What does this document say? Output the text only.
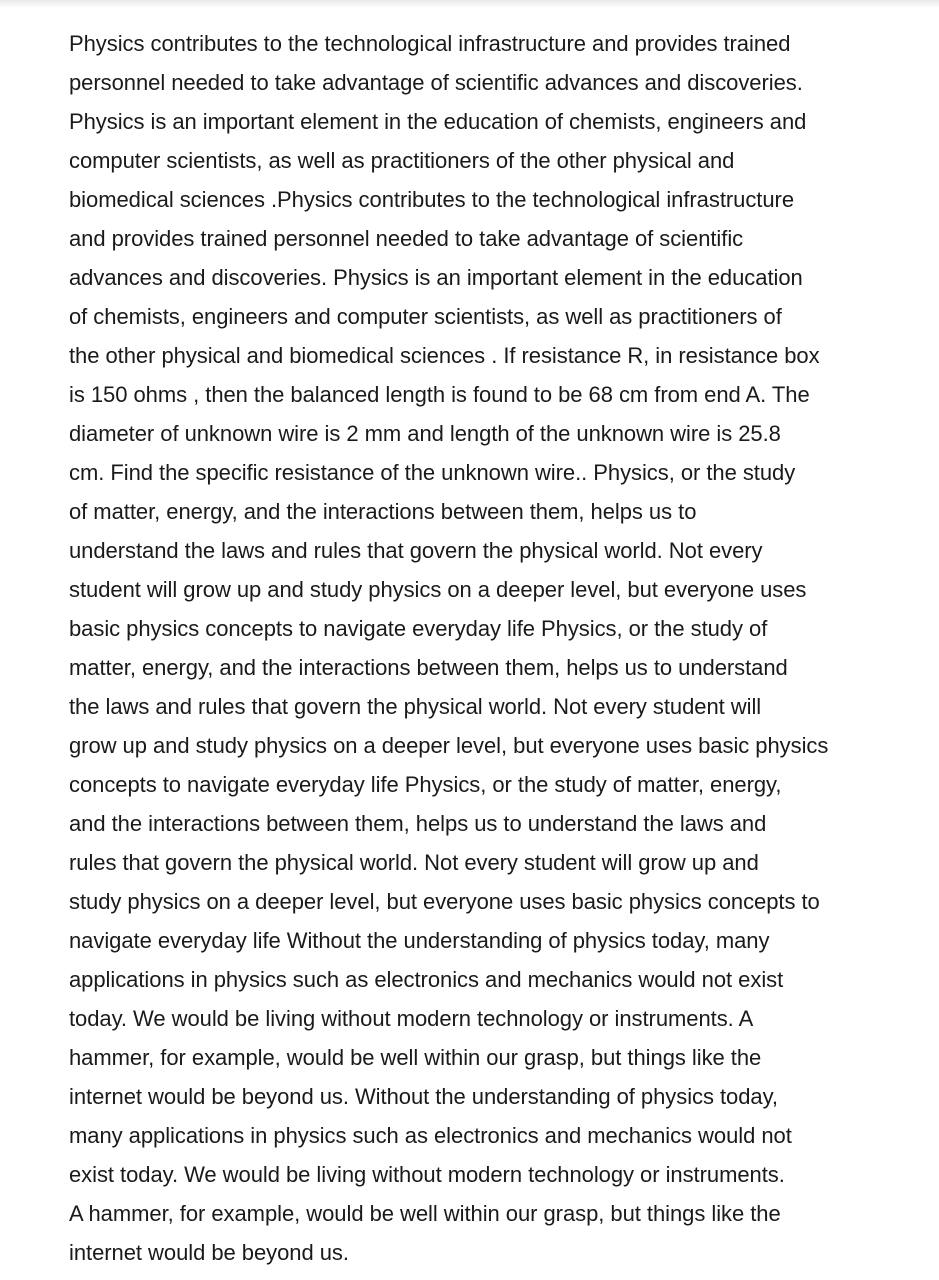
Physics contributes to the technological infrastructure and provides trained
personnel needed to take advantage of scientific advances and discoveries.
Physics is an important element in the education of chemists, engineers and
computer scientists, as well as practitioners of the other physical and
biomedical sciences .Physics contributes to the technological infrastructure
and provides trained personnel needed to take advantage of scientific
advances and discoveries. Physics is an important element in the education
of chemists, engineers and computer scientists, as well as practitioners of
the other physical and biomedical sciences . If resistance R, in resistance box
is 150 ohms , then the balanced length is found to be 68 cm from end A. The
diameter of unknown wire is 2 mm and length of the unknown wire is 25.8
cm. Find the specific resistance of the unknown wire.. Physics, or the study
of matter, energy, and the interactions between them, helps us to
understand the laws and rules that govern the physical world. Not every
student will grow up and study physics on a deeper level, but everyone uses
basic physics concepts to navigate everyday life Physics, or the study of
matter, energy, and the interactions between them, helps us to understand
the laws and rules that govern the physical world. Not every student will
grow up and study physics on a deeper level, but everyone uses basic physics
concepts to navigate everyday life Physics, or the study of matter, energy,
and the interactions between them, helps us to understand the laws and
rules that govern the physical world. Not every student will grow up and
study physics on a deeper level, but everyone uses basic physics concepts to
navigate everyday life Without the understanding of physics today, many
applications in physics such as electronics and mechanics would not exist
today. We would be living without modern technology or instruments. A
hammer, for example, would be well within our grasp, but things like the
internet would be beyond us. Without the understanding of physics today,
many applications in physics such as electronics and mechanics would not
exist today. We would be living without modern technology or instruments.
A hammer, for example, would be well within our grasp, but things like the
internet would be beyond us.
